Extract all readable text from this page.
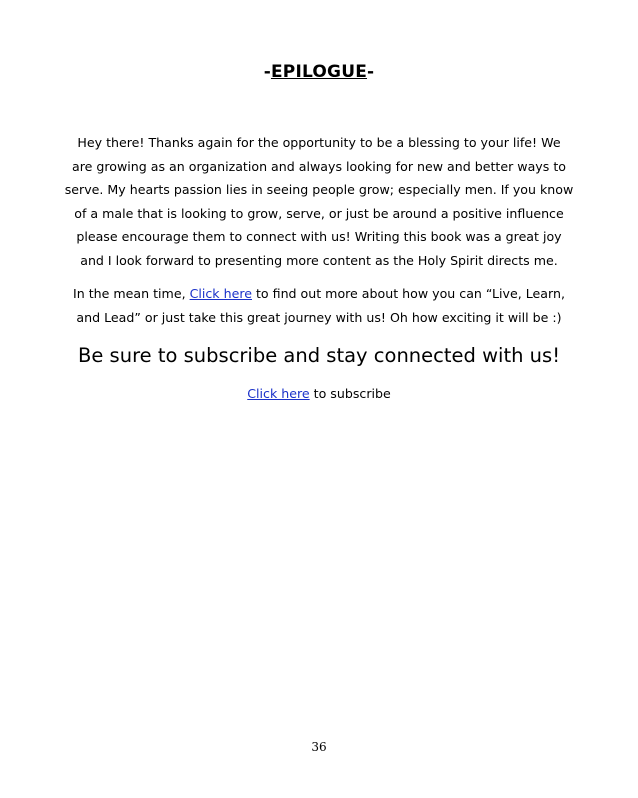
-EPILOGUE-
Hey there! Thanks again for the opportunity to be a blessing to your life! We
are growing as an organization and always looking for new and better ways to
serve. My hearts passion lies in seeing people grow; especially men. If you know
of a male that is looking to grow, serve, or just be around a positive influence
please encourage them to connect with us! Writing this book was a great joy
and I look forward to presenting more content as the Holy Spirit directs me.
In the mean time, Click here to find out more about how you can “Live, Learn,
and Lead” or just take this great journey with us! Oh how exciting it will be :)
Be sure to subscribe and stay connected with us!
Click here to subscribe
36
